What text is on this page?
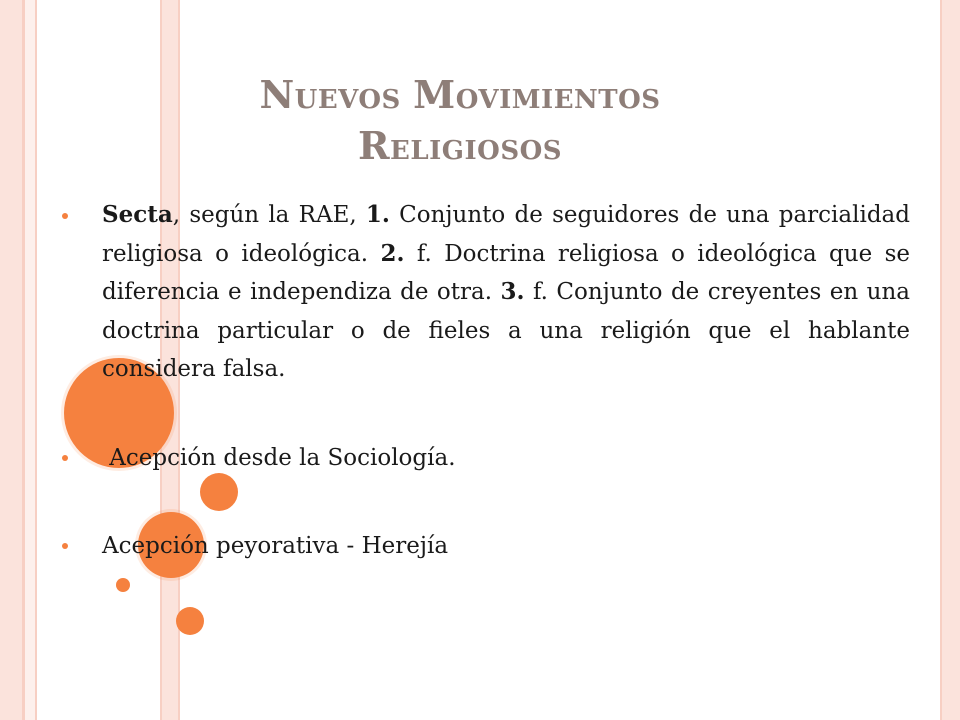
NUEVOS MOVIMIENTOS
RELIGIOSOS

Secta, según la RAE, 1. Conjunto de seguidores de una parcialidad religiosa o ideológica. 2. f. Doctrina religiosa o ideológica que se diferencia e independiza de otra. 3. f. Conjunto de creyentes en una doctrina particular o de fieles a una religión que el hablante considera falsa.

Acepción desde la Sociología.

Acepción peyorativa - Herejía
